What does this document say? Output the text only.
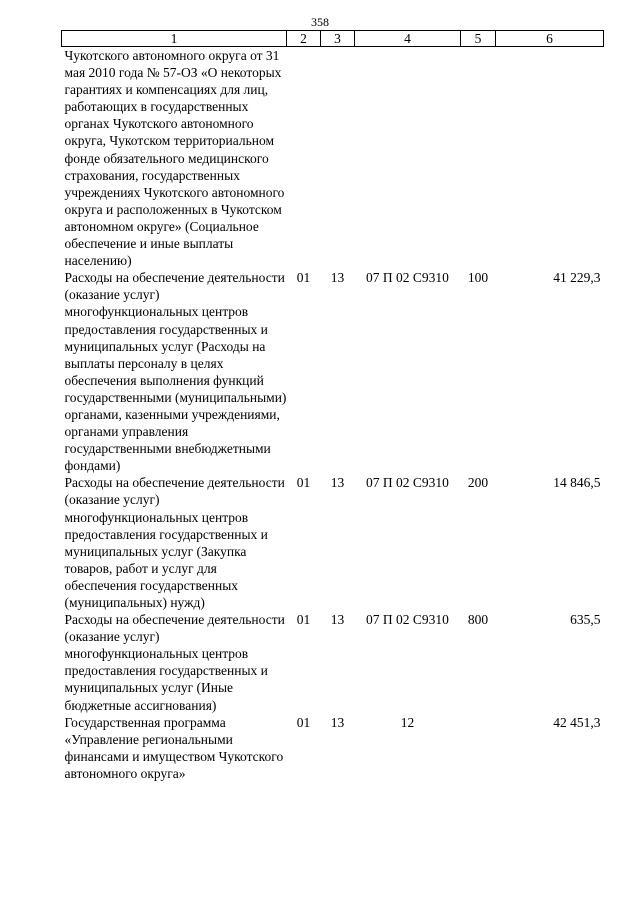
358
1	2	3	4	5	6
Чукотского автономного округа от 31 мая 2010 года № 57-ОЗ «О некоторых гарантиях и компенсациях для лиц, работающих в государственных органах Чукотского автономного округа, Чукотском территориальном фонде обязательного медицинского страхования, государственных учреждениях Чукотского автономного округа и расположенных в Чукотском автономном округе» (Социальное обеспечение и иные выплаты населению)					
Расходы на обеспечение деятельности (оказание услуг) многофункциональных центров предоставления государственных и муниципальных услуг (Расходы на выплаты персоналу в целях обеспечения выполнения функций государственными (муниципальными) органами, казенными учреждениями, органами управления государственными внебюджетными фондами)	01	13	07 П 02 С9310	100	41 229,3
Расходы на обеспечение деятельности (оказание услуг) многофункциональных центров предоставления государственных и муниципальных услуг (Закупка товаров, работ и услуг для обеспечения государственных (муниципальных) нужд)	01	13	07 П 02 С9310	200	14 846,5
Расходы на обеспечение деятельности (оказание услуг) многофункциональных центров предоставления государственных и муниципальных услуг (Иные бюджетные ассигнования)	01	13	07 П 02 С9310	800	635,5
Государственная программа «Управление региональными финансами и имуществом Чукотского автономного округа»	01	13	12		42 451,3
